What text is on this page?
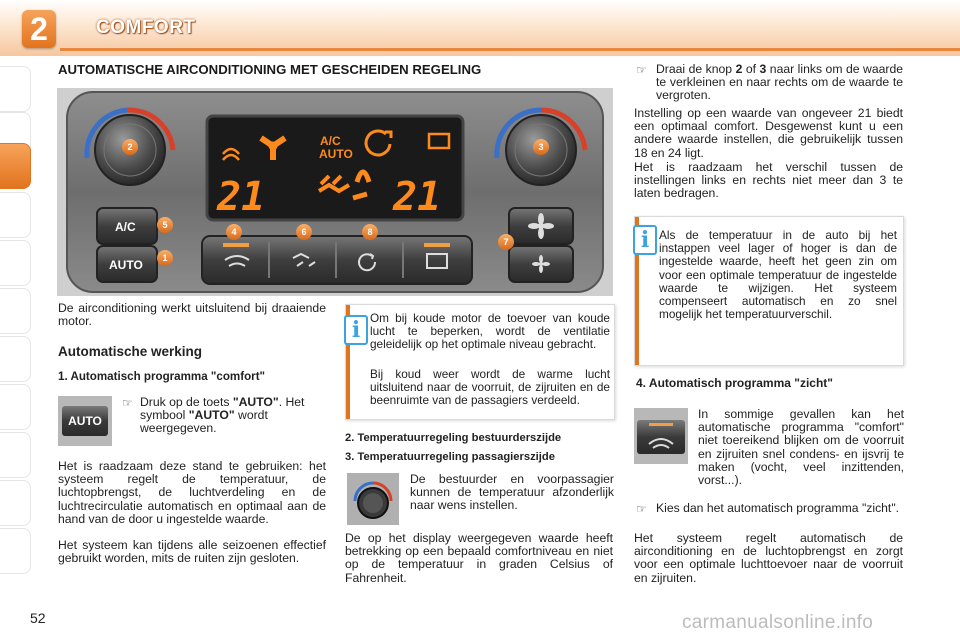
2	COMFORT
AUTOMATISCHE AIRCONDITIONING MET GESCHEIDEN REGELING
A/C
AUTO
21	21
A/C
AUTO 1
2	3
4
5
6
7
8
De airconditioning werkt uitsluitend bij draaiende motor.
Automatische werking
1. Automatisch programma "comfort"
AUTO
☞ Druk op de toets "AUTO". Het symbool "AUTO" wordt weergegeven.
Het is raadzaam deze stand te gebruiken: het systeem regelt de temperatuur, de luchtopbrengst, de luchtverdeling en de luchtrecirculatie automatisch en optimaal aan de hand van de door u ingestelde waarde.
Het systeem kan tijdens alle seizoenen effectief gebruikt worden, mits de ruiten zijn gesloten.
i Om bij koude motor de toevoer van koude lucht te beperken, wordt de ventilatie geleidelijk op het optimale niveau gebracht.
Bij koud weer wordt de warme lucht uitsluitend naar de voorruit, de zijruiten en de beenruimte van de passagiers verdeeld.
2. Temperatuurregeling bestuurderszijde
3. Temperatuurregeling passagierszijde
De bestuurder en voorpassagier kunnen de temperatuur afzonderlijk naar wens instellen.
De op het display weergegeven waarde heeft betrekking op een bepaald comfortniveau en niet op de temperatuur in graden Celsius of Fahrenheit.
☞ Draai de knop 2 of 3 naar links om de waarde te verkleinen en naar rechts om de waarde te vergroten.
Instelling op een waarde van ongeveer 21 biedt een optimaal comfort. Desgewenst kunt u een andere waarde instellen, die gebruikelijk tussen 18 en 24 ligt.
Het is raadzaam het verschil tussen de instellingen links en rechts niet meer dan 3 te laten bedragen.
i Als de temperatuur in de auto bij het instappen veel lager of hoger is dan de ingestelde waarde, heeft het geen zin om voor een optimale temperatuur de ingestelde waarde te wijzigen. Het systeem compenseert automatisch en zo snel mogelijk het temperatuurverschil.
4. Automatisch programma "zicht"
In sommige gevallen kan het automatische programma "comfort" niet toereikend blijken om de voorruit en zijruiten snel condens- en ijsvrij te maken (vocht, veel inzittenden, vorst...).
☞ Kies dan het automatisch programma "zicht".
Het systeem regelt automatisch de airconditioning en de luchtopbrengst en zorgt voor een optimale luchttoevoer naar de voorruit en zijruiten.
52	carmanualsonline.info
